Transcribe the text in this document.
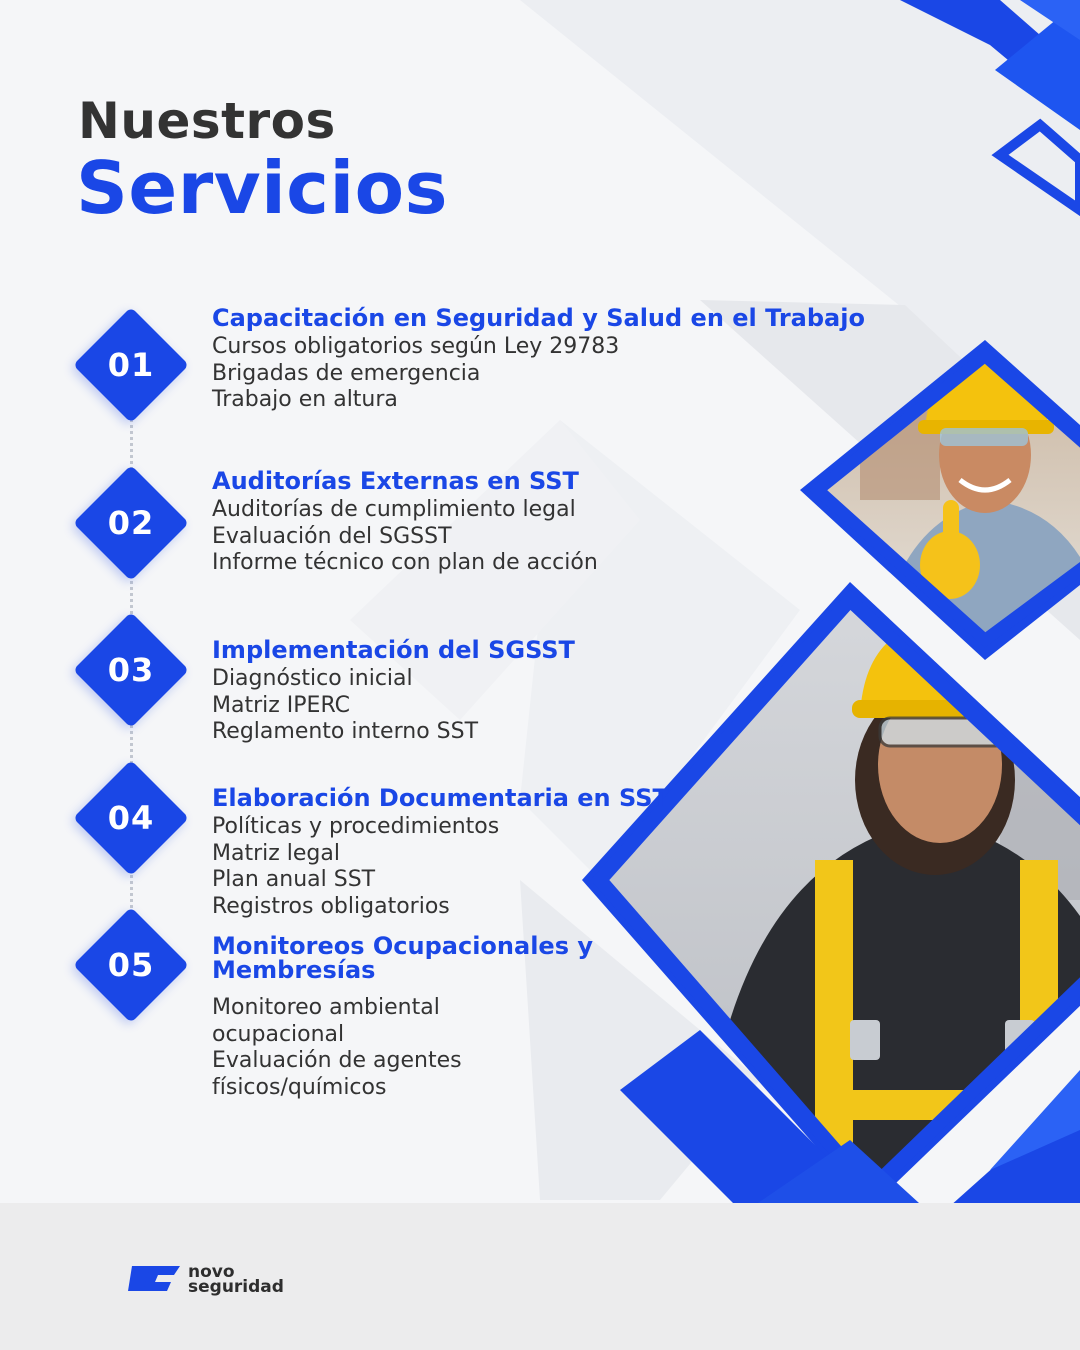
Nuestros
Servicios
01
Capacitación en Seguridad y Salud en el Trabajo
Cursos obligatorios según Ley 29783
Brigadas de emergencia
Trabajo en altura
02
Auditorías Externas en SST
Auditorías de cumplimiento legal
Evaluación del SGSST
Informe técnico con plan de acción
03
Implementación del SGSST
Diagnóstico inicial
Matriz IPERC
Reglamento interno SST
04
Elaboración Documentaria en SST
Políticas y procedimientos
Matriz legal
Plan anual SST
Registros obligatorios
05	Monitoreos Ocupacionales y
Membresías
Monitoreo ambiental
ocupacional
Evaluación de agentes
físicos/químicos

novo

seguridad
